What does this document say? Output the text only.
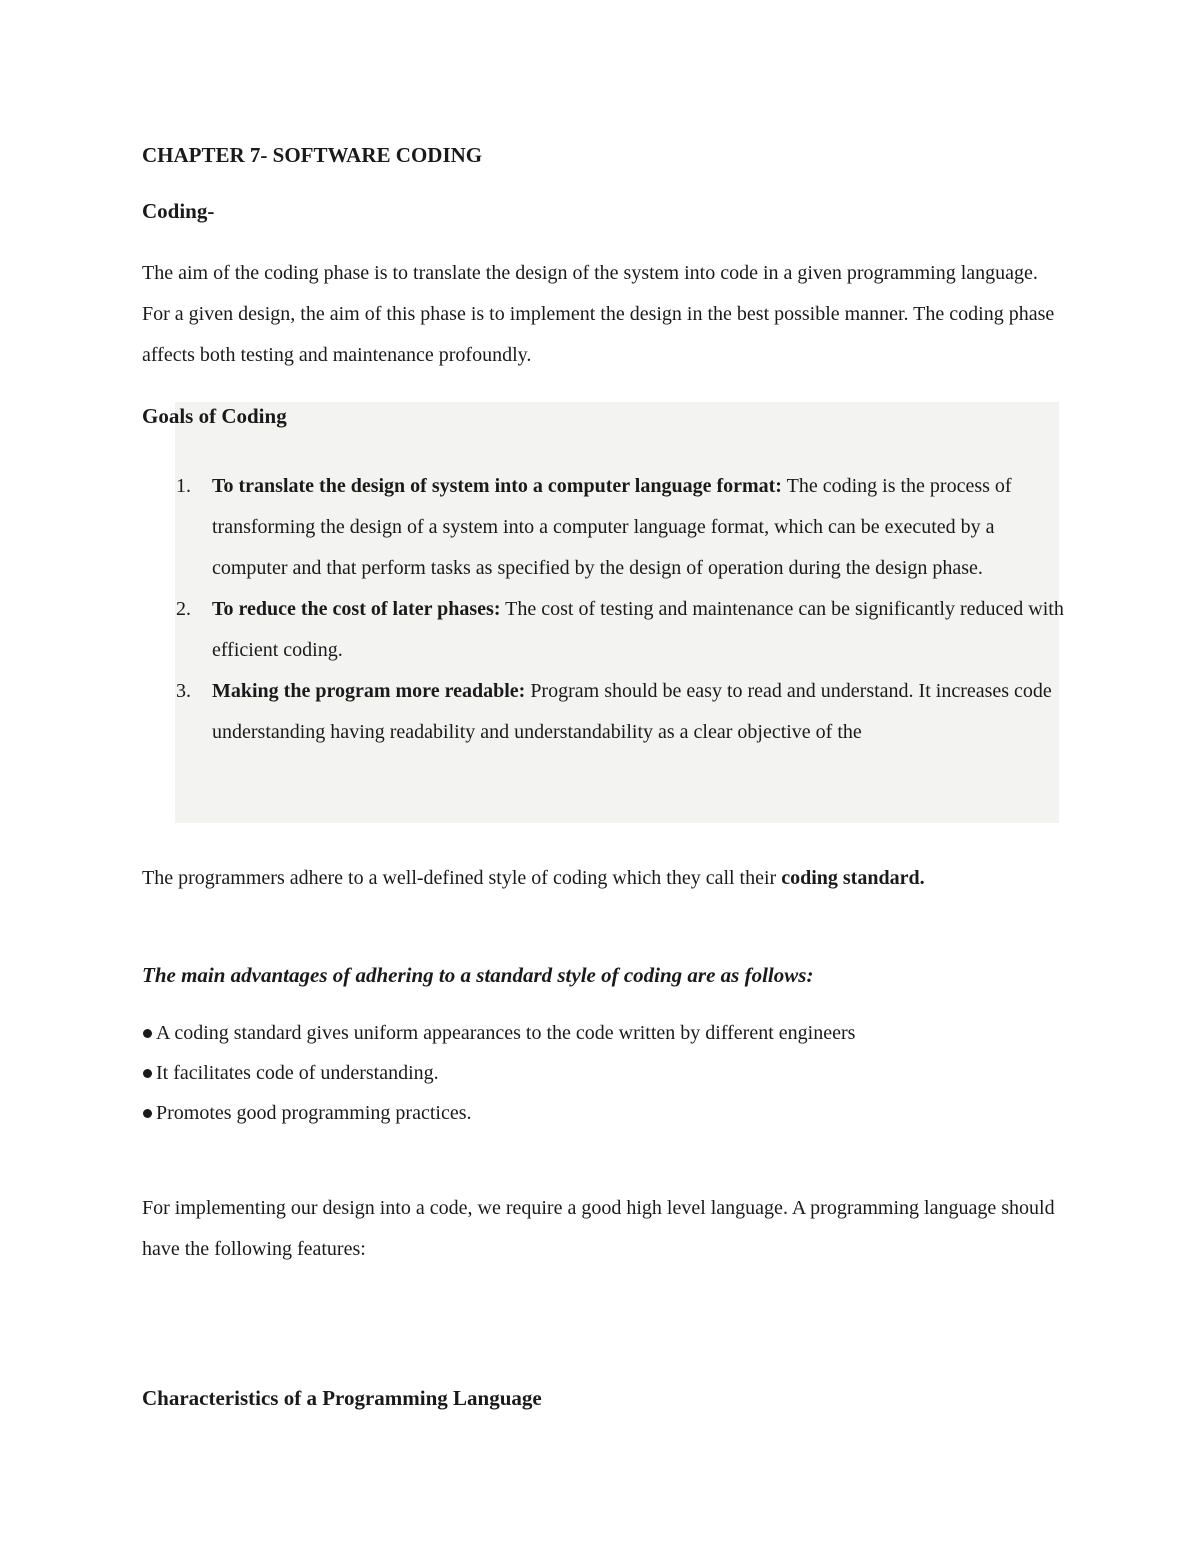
CHAPTER 7- SOFTWARE CODING
Coding-

The aim of the coding phase is to translate the design of the system into code in a given programming language. For a given design, the aim of this phase is to implement the design in the best possible manner. The coding phase affects both testing and maintenance profoundly.

Goals of Coding
1. To translate the design of system into a computer language format: The coding is the process of transforming the design of a system into a computer language format, which can be executed by a computer and that perform tasks as specified by the design of operation during the design phase.
2. To reduce the cost of later phases: The cost of testing and maintenance can be significantly reduced with efficient coding.
3. Making the program more readable: Program should be easy to read and understand. It increases code understanding having readability and understandability as a clear objective of the

The programmers adhere to a well-defined style of coding which they call their coding standard.

The main advantages of adhering to a standard style of coding are as follows:
A coding standard gives uniform appearances to the code written by different engineers
It facilitates code of understanding.
Promotes good programming practices.

For implementing our design into a code, we require a good high level language. A programming language should have the following features:

Characteristics of a Programming Language
